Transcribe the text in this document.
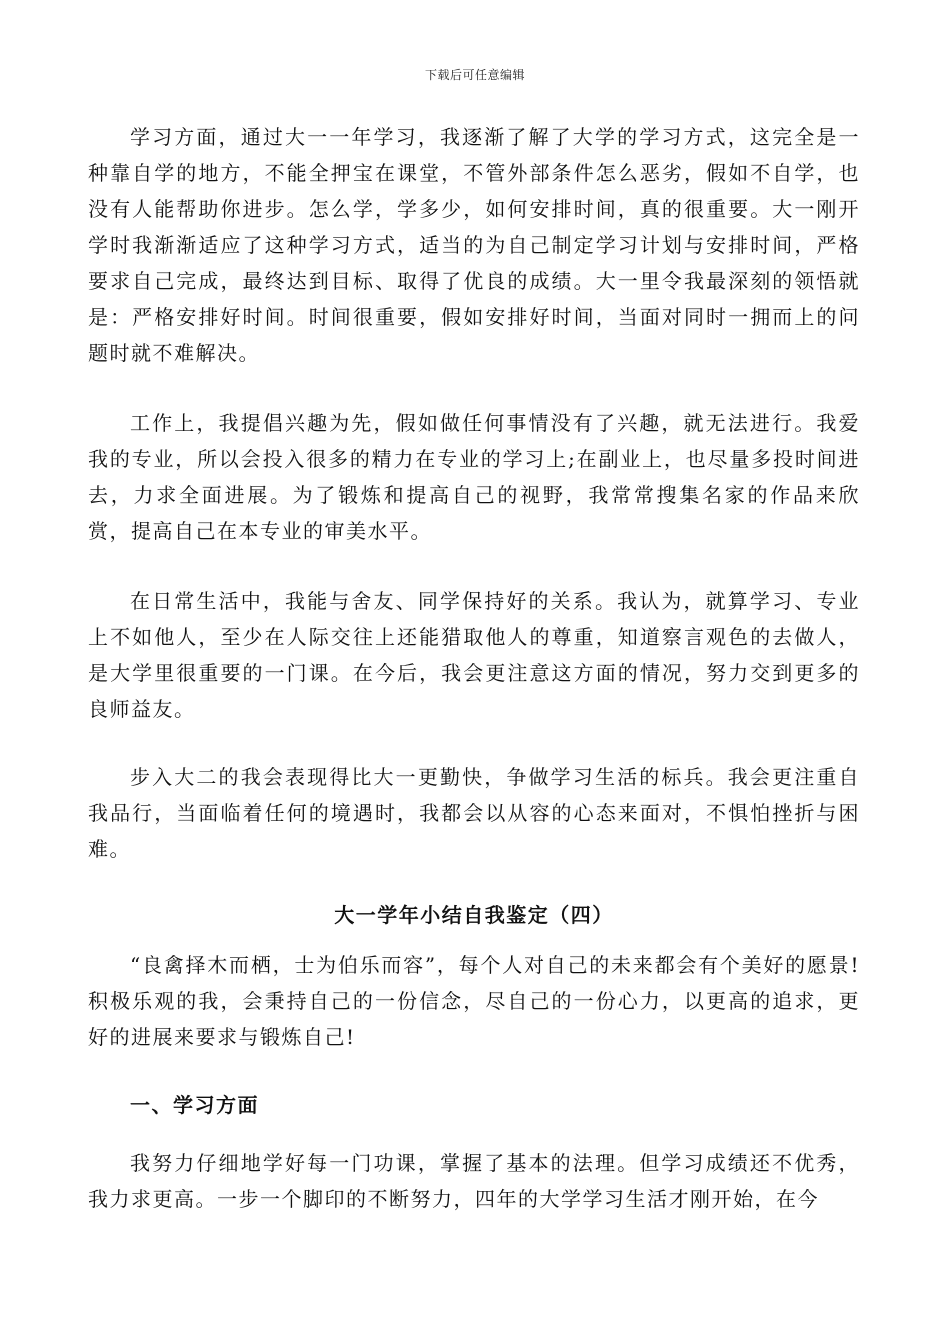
下载后可任意编辑

学习方面，通过大一一年学习，我逐渐了解了大学的学习方式，这完全是一种靠自学的地方，不能全押宝在课堂，不管外部条件怎么恶劣，假如不自学，也没有人能帮助你进步。怎么学，学多少，如何安排时间，真的很重要。大一刚开学时我渐渐适应了这种学习方式，适当的为自己制定学习计划与安排时间，严格要求自己完成，最终达到目标、取得了优良的成绩。大一里令我最深刻的领悟就是：严格安排好时间。时间很重要，假如安排好时间，当面对同时一拥而上的问题时就不难解决。

工作上，我提倡兴趣为先，假如做任何事情没有了兴趣，就无法进行。我爱我的专业，所以会投入很多的精力在专业的学习上;在副业上，也尽量多投时间进去，力求全面进展。为了锻炼和提高自己的视野，我常常搜集名家的作品来欣赏，提高自己在本专业的审美水平。

在日常生活中，我能与舍友、同学保持好的关系。我认为，就算学习、专业上不如他人，至少在人际交往上还能猎取他人的尊重，知道察言观色的去做人，是大学里很重要的一门课。在今后，我会更注意这方面的情况，努力交到更多的良师益友。

步入大二的我会表现得比大一更勤快，争做学习生活的标兵。我会更注重自我品行，当面临着任何的境遇时，我都会以从容的心态来面对，不惧怕挫折与困难。

大一学年小结自我鉴定（四）

“良禽择木而栖，士为伯乐而容”，每个人对自己的未来都会有个美好的愿景!积极乐观的我，会秉持自己的一份信念，尽自己的一份心力，以更高的追求，更好的进展来要求与锻炼自己!

一、学习方面

我努力仔细地学好每一门功课，掌握了基本的法理。但学习成绩还不优秀，我力求更高。一步一个脚印的不断努力，四年的大学学习生活才刚开始，在今
